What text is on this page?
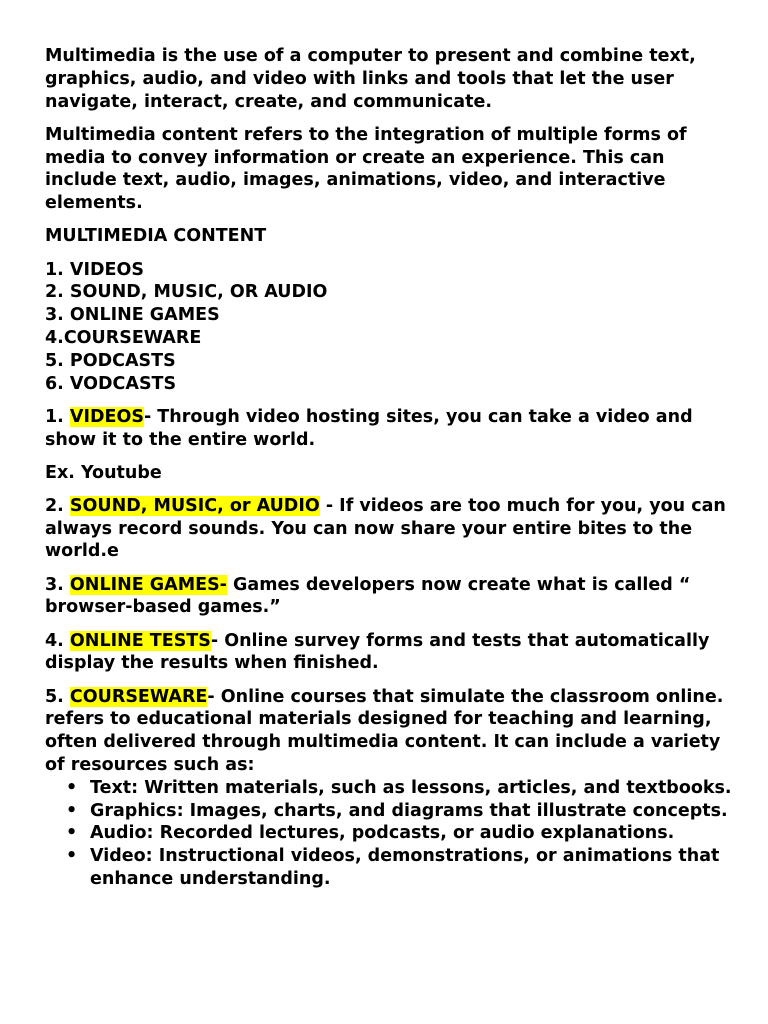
Multimedia is the use of a computer to present and combine text, graphics, audio, and video with links and tools that let the user navigate, interact, create, and communicate.

Multimedia content refers to the integration of multiple forms of media to convey information or create an experience. This can include text, audio, images, animations, video, and interactive elements.

MULTIMEDIA CONTENT

1. VIDEOS
2. SOUND, MUSIC, OR AUDIO
3. ONLINE GAMES
4.COURSEWARE
5. PODCASTS
6. VODCASTS

1. VIDEOS- Through video hosting sites, you can take a video and show it to the entire world.

Ex. Youtube

2. SOUND, MUSIC, or AUDIO - If videos are too much for you, you can always record sounds. You can now share your entire bites to the world.e

3. ONLINE GAMES- Games developers now create what is called “ browser-based games.”

4. ONLINE TESTS- Online survey forms and tests that automatically display the results when finished.

5. COURSEWARE- Online courses that simulate the classroom online.

refers to educational materials designed for teaching and learning, often delivered through multimedia content. It can include a variety of resources such as:

• Text: Written materials, such as lessons, articles, and textbooks.
• Graphics: Images, charts, and diagrams that illustrate concepts.
• Audio: Recorded lectures, podcasts, or audio explanations.
• Video: Instructional videos, demonstrations, or animations that enhance understanding.
